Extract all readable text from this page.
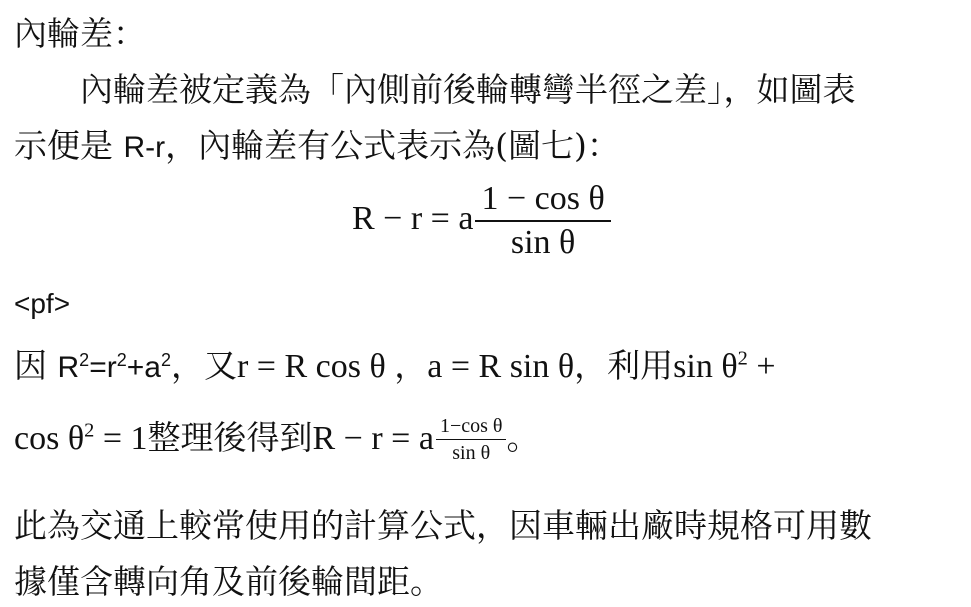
內輪差：
　　內輪差被定義為「內側前後輪轉彎半徑之差」，如圖表
示便是 R-r，內輪差有公式表示為(圖七)：
R − r = a $\frac{\text{1 − cos θ}}{\text{sin θ}}$
<pf>
因 $R^2=r^2+a^2$，又r = R cos θ ，a = R sin θ，利用$\sin \theta^2$ +
$\cos \theta^2 = 1$整理後得到R − r = a $\frac{\text{1−cos θ}}{\text{sin θ}}$ 。
此為交通上較常使用的計算公式，因車輛出廠時規格可用數
據僅含轉向角及前後輪間距。
